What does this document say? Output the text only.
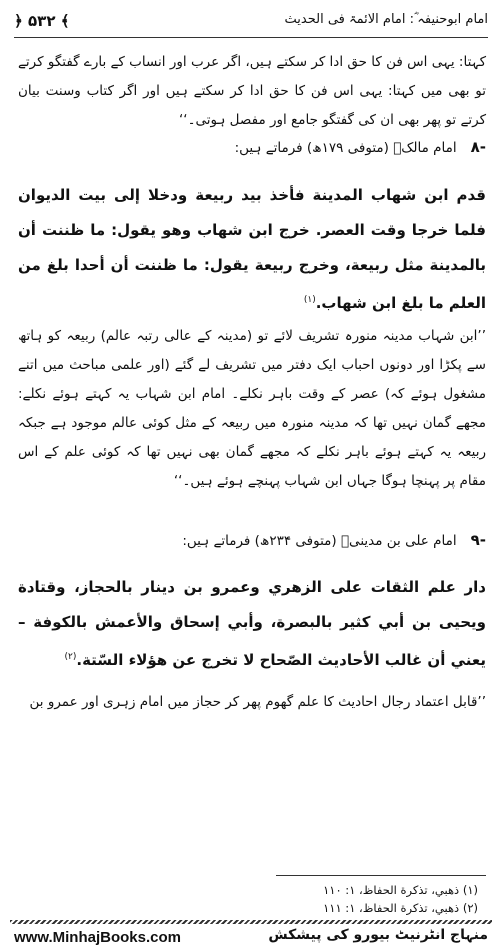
﴿ ۵۳۲ ﴾	امام ابوحنیفہ ؓ: امام الائمۃ فی الحدیث
کہتا: یہی اس فن کا حق ادا کر سکتے ہیں، اگر عرب اور انساب کے بارے گفتگو کرتے تو بھی میں کہتا: یہی اس فن کا حق ادا کر سکتے ہیں اور اگر کتاب وسنت بیان کرتے تو پھر بھی ان کی گفتگو جامع اور مفصل ہوتی۔‘‘
-۸امام مالکؒ (متوفی ۱۷۹ھ) فرماتے ہیں:
قدم ابن شهاب المدينة فأخذ بيد ربيعة ودخلا إلى بيت الديوان فلما خرجا وقت العصر. خرج ابن شهاب وهو يقول: ما ظننت أن بالمدينة مثل ربيعة، وخرج ربيعة يقول: ما ظننت أن أحدا بلغ من العلم ما بلغ ابن شهاب.$^{(۱)}$
’’ابن شہاب مدینہ منورہ تشریف لائے تو (مدینہ کے عالی رتبہ عالم) ربیعہ کو ہاتھ سے پکڑا اور دونوں احباب ایک دفتر میں تشریف لے گئے (اور علمی مباحث میں اتنے مشغول ہوئے کہ) عصر کے وقت باہر نکلے۔ امام ابن شہاب یہ کہتے ہوئے نکلے: مجھے گمان نہیں تھا کہ مدینہ منورہ میں ربیعہ کے مثل کوئی عالم موجود ہے جبکہ ربیعہ یہ کہتے ہوئے باہر نکلے کہ مجھے گمان بھی نہیں تھا کہ کوئی علم کے اس مقام پر پہنچا ہوگا جہاں ابن شہاب پہنچے ہوئے ہیں۔‘‘
-۹امام علی بن مدینیؒ (متوفی ۲۳۴ھ) فرماتے ہیں:
دار علم الثقات على الزهري وعمرو بن دينار بالحجاز، وقتادة ويحيى بن أبي كثير بالبصرة، وأبي إسحاق والأعمش بالكوفة – يعني أن غالب الأحاديث الصّحاح لا تخرج عن هؤلاء السّتة.$^{(۲)}$
’’قابل اعتماد رجال احادیث کا علم گھوم پھر کر حجاز میں امام زہری اور عمرو بن
(۱) ذهبي، تذكرة الحفاظ، ۱: ۱۱۰
(۲) ذهبي، تذكرة الحفاظ، ۱: ۱۱۱
www.MinhajBooks.com	منہاج انٹرنیٹ بیورو کی پیشکش
